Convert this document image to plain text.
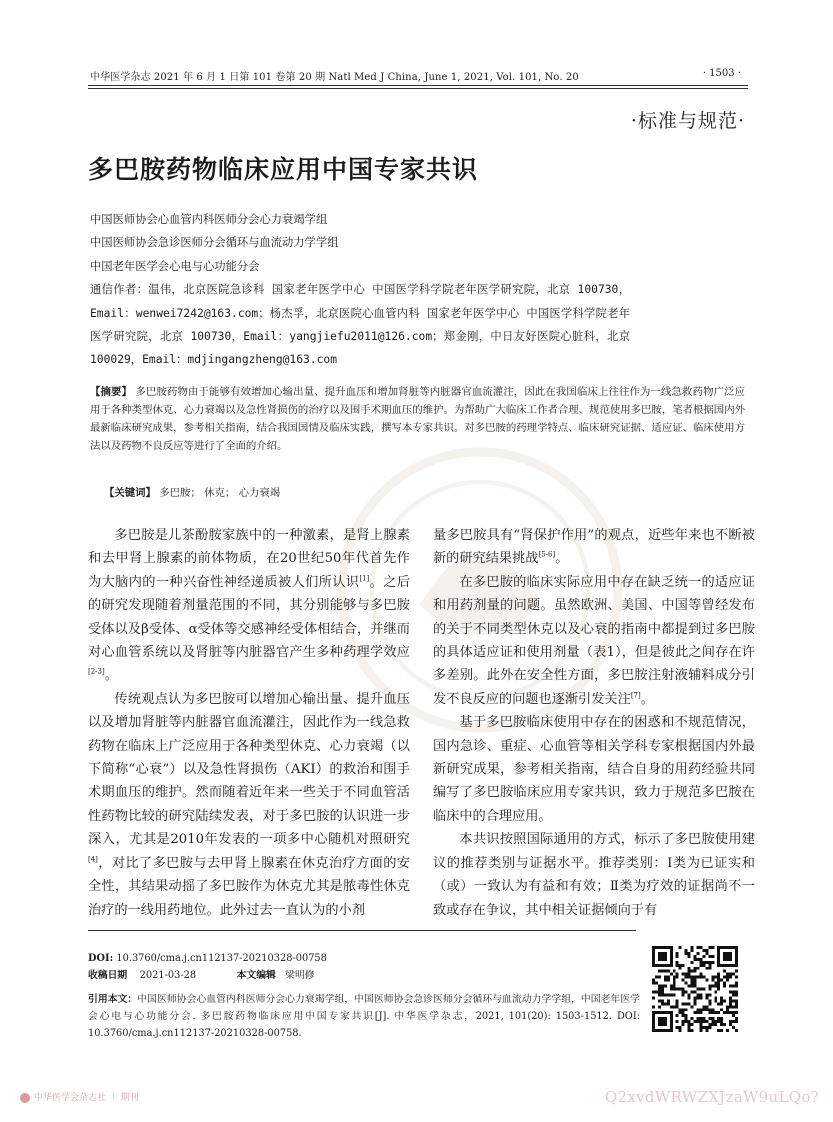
中华医学杂志 2021 年 6 月 1 日第 101 卷第 20 期 Natl Med J China, June 1, 2021, Vol. 101, No. 20	· 1503 ·
·标准与规范·
多巴胺药物临床应用中国专家共识
中国医师协会心血管内科医师分会心力衰竭学组
中国医师协会急诊医师分会循环与血流动力学学组
中国老年医学会心电与心功能分会
通信作者：温伟，北京医院急诊科 国家老年医学中心 中国医学科学院老年医学研究院，北京 100730，Email：wenwei7242@163.com；杨杰孚，北京医院心血管内科 国家老年医学中心 中国医学科学院老年医学研究院，北京 100730，Email：yangjiefu2011@126.com；郑金刚，中日友好医院心脏科，北京 100029，Email：mdjingangzheng@163.com
【摘要】 多巴胺药物由于能够有效增加心输出量、提升血压和增加肾脏等内脏器官血流灌注，因此在我国临床上往往作为一线急救药物广泛应用于各种类型休克、心力衰竭以及急性肾损伤的治疗以及围手术期血压的维护。为帮助广大临床工作者合理、规范使用多巴胺，笔者根据国内外最新临床研究成果，参考相关指南，结合我国国情及临床实践，撰写本专家共识。对多巴胺的药理学特点、临床研究证据、适应证、临床使用方法以及药物不良反应等进行了全面的介绍。
【关键词】 多巴胺； 休克； 心力衰竭

多巴胺是儿茶酚胺家族中的一种激素，是肾上腺素和去甲肾上腺素的前体物质，在20世纪50年代首先作为大脑内的一种兴奋性神经递质被人们所认识[1]。之后的研究发现随着剂量范围的不同，其分别能够与多巴胺受体以及β受体、α受体等交感神经受体相结合，并继而对心血管系统以及肾脏等内脏器官产生多种药理学效应[2-3]。

传统观点认为多巴胺可以增加心输出量、提升血压以及增加肾脏等内脏器官血流灌注，因此作为一线急救药物在临床上广泛应用于各种类型休克、心力衰竭（以下简称“心衰”）以及急性肾损伤（AKI）的救治和围手术期血压的维护。然而随着近年来一些关于不同血管活性药物比较的研究陆续发表，对于多巴胺的认识进一步深入，尤其是2010年发表的一项多中心随机对照研究[4]，对比了多巴胺与去甲肾上腺素在休克治疗方面的安全性，其结果动摇了多巴胺作为休克尤其是脓毒性休克治疗的一线用药地位。此外过去一直认为的小剂

量多巴胺具有“肾保护作用”的观点，近些年来也不断被新的研究结果挑战[5-6]。

在多巴胺的临床实际应用中存在缺乏统一的适应证和用药剂量的问题。虽然欧洲、美国、中国等曾经发布的关于不同类型休克以及心衰的指南中都提到过多巴胺的具体适应证和使用剂量（表1），但是彼此之间存在许多差别。此外在安全性方面，多巴胺注射液辅料成分引发不良反应的问题也逐渐引发关注[7]。

基于多巴胺临床使用中存在的困惑和不规范情况，国内急诊、重症、心血管等相关学科专家根据国内外最新研究成果，参考相关指南，结合自身的用药经验共同编写了多巴胺临床应用专家共识，致力于规范多巴胺在临床中的合理应用。

本共识按照国际通用的方式，标示了多巴胺使用建议的推荐类别与证据水平。推荐类别：Ⅰ类为已证实和（或）一致认为有益和有效；Ⅱ类为疗效的证据尚不一致或存在争议，其中相关证据倾向于有

DOI: 10.3760/cma.j.cn112137-20210328-00758
收稿日期 2021-03-28	本文编辑 梁明修
引用本文：中国医师协会心血管内科医师分会心力衰竭学组，中国医师协会急诊医师分会循环与血流动力学学组，中国老年医学会心电与心功能分会. 多巴胺药物临床应用中国专家共识[J]. 中华医学杂志，2021, 101(20): 1503-1512. DOI: 10.3760/cma.j.cn112137-20210328-00758.
中华医学会杂志社 ｜ 期刊	Q2xvdWRWZXJzaW9uLQo?
